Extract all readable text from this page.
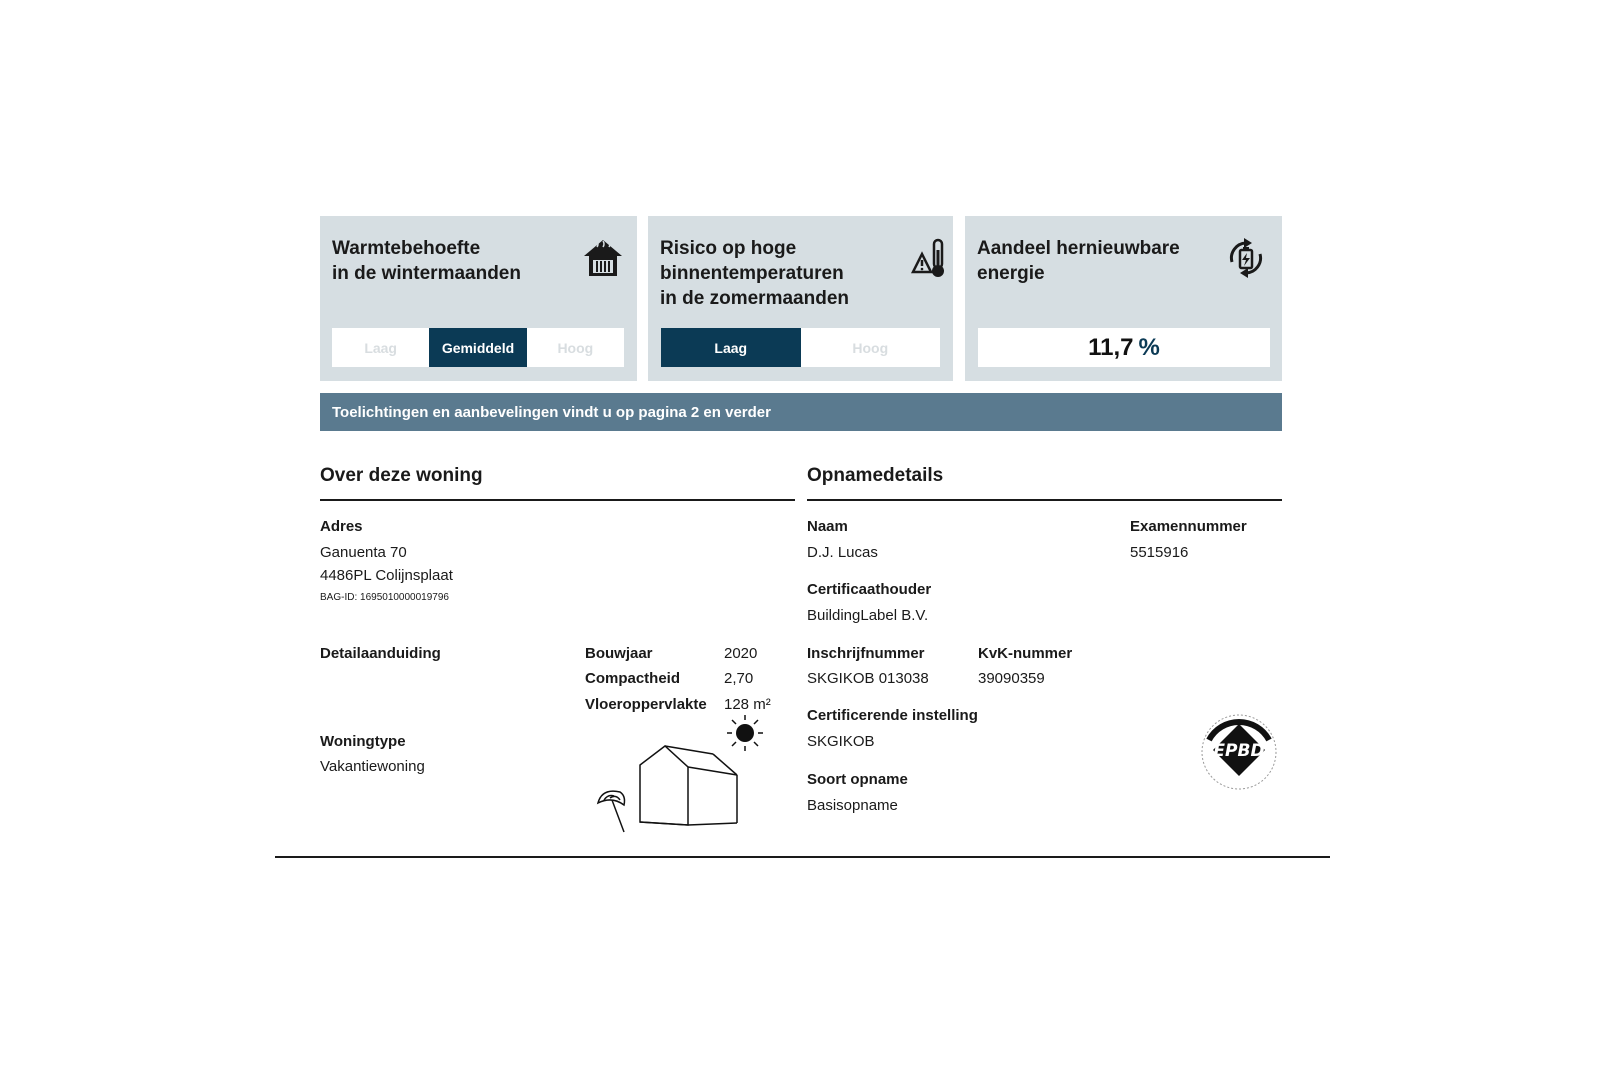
Warmtebehoefte
in de wintermaanden
Laag	Gemiddeld	Hoog
Risico op hoge
binnentemperaturen
in de zomermaanden
Laag	Hoog
Aandeel hernieuwbare
energie
11,7 %
Toelichtingen en aanbevelingen vindt u op pagina 2 en verder
Over deze woning
Adres
Ganuenta 70
4486PL Colijnsplaat
BAG-ID: 1695010000019796
Detailaanduiding	Bouwjaar	2020
Compactheid	2,70
Vloeroppervlakte 128 m²
Woningtype
Vakantiewoning
Opnamedetails
Naam
D.J. Lucas
Examennummer
5515916
Certificaathouder
BuildingLabel B.V.
Inschrijfnummer
SKGIKOB 013038
KvK-nummer
39090359
Certificerende instelling
SKGIKOB
Soort opname
Basisopname
EPBD
